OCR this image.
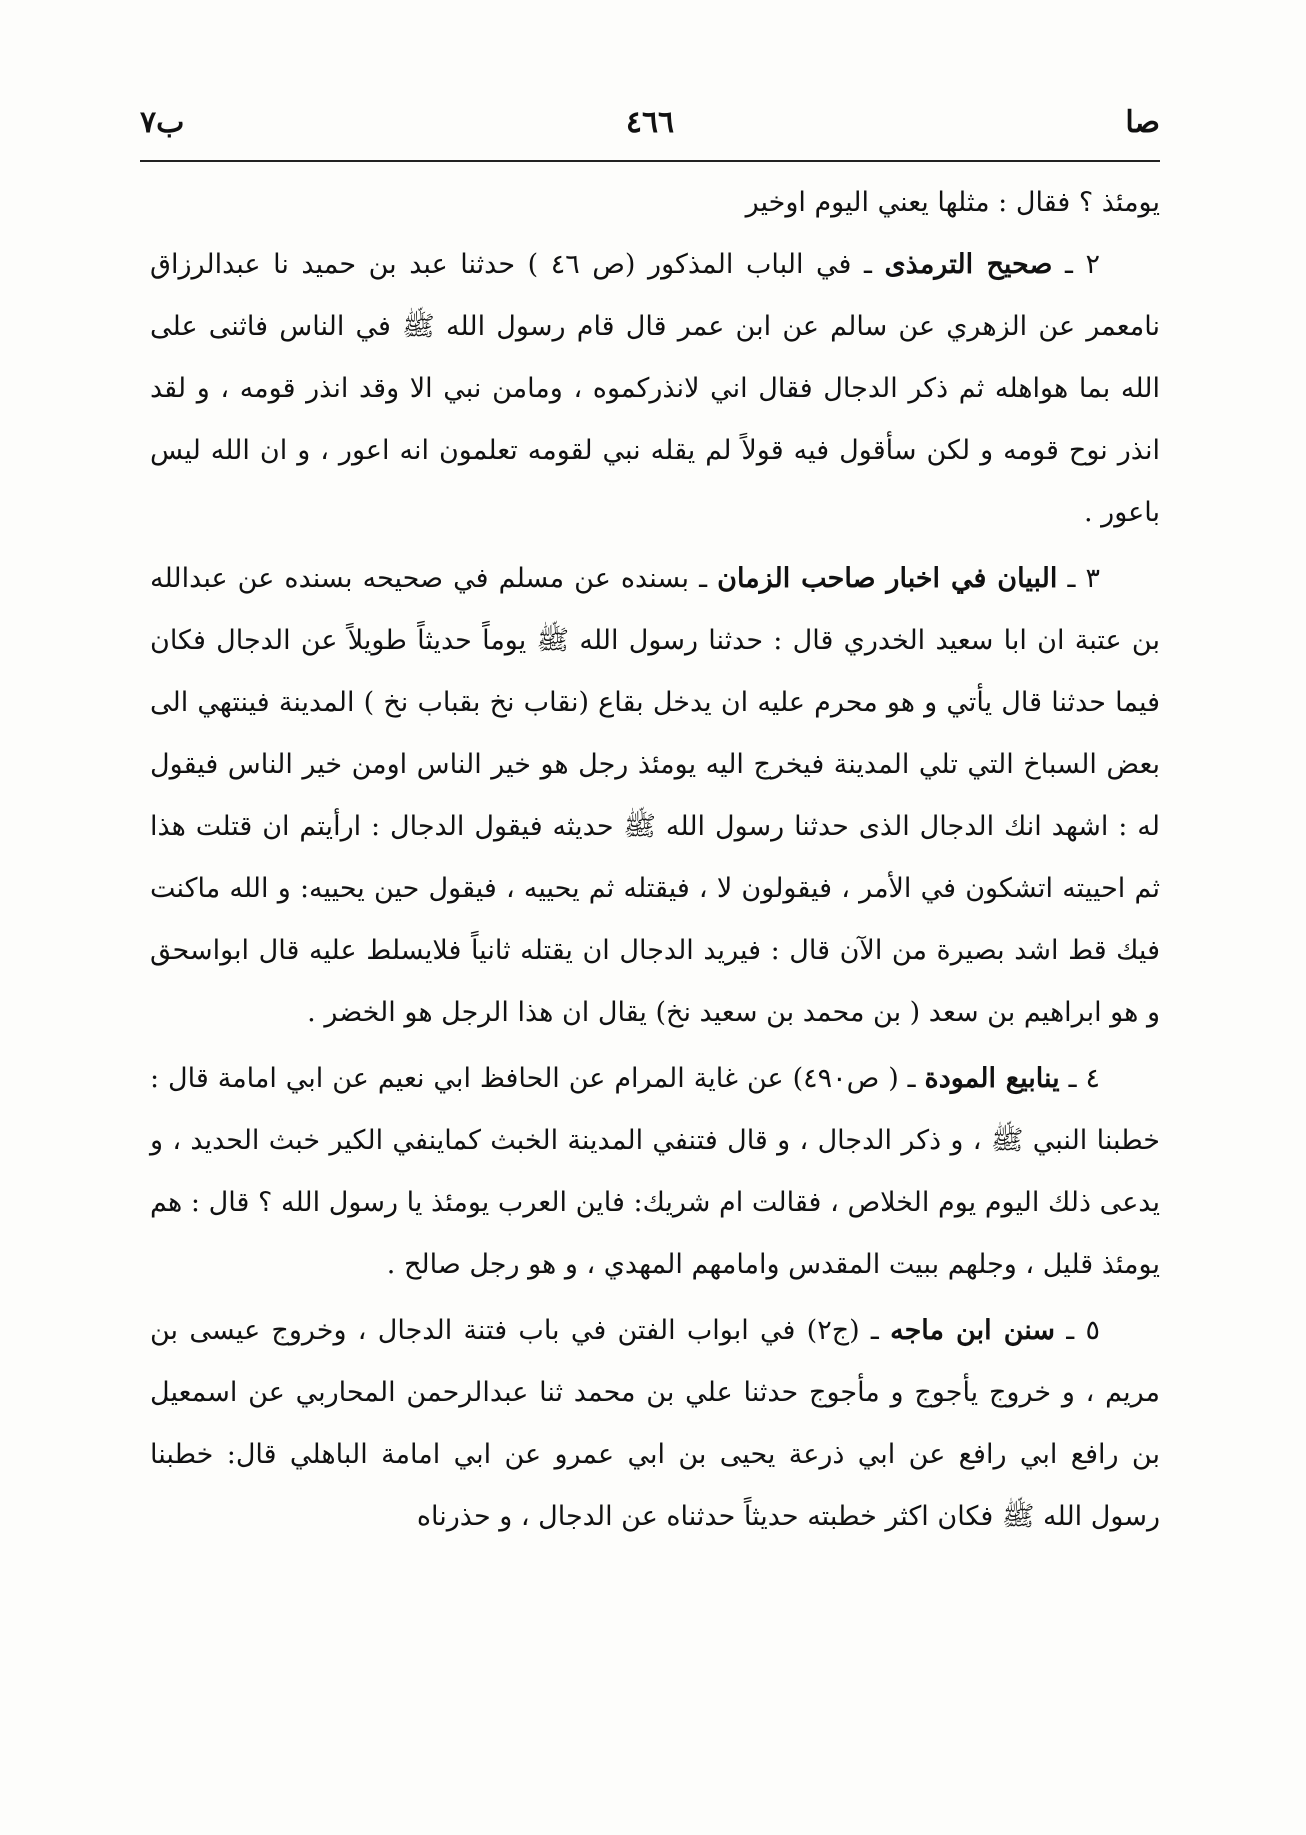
صا
٤٦٦
ب٧

يومئذ ؟ فقال : مثلها يعني اليوم اوخير

٢ ـ صحيح الترمذى ـ في الباب المذكور (ص ٤٦ ) حدثنا عبد بن حميد نا عبدالرزاق نامعمر عن الزهري عن سالم عن ابن عمر قال قام رسول الله ﷺ في الناس فاثنى على الله بما هواهله ثم ذكر الدجال فقال اني لانذركموه ، ومامن نبي الا وقد انذر قومه ، و لقد انذر نوح قومه و لكن سأقول فيه قولاً لم يقله نبي لقومه تعلمون انه اعور ، و ان الله ليس باعور .

٣ ـ البيان في اخبار صاحب الزمان ـ بسنده عن مسلم في صحيحه بسنده عن عبدالله بن عتبة ان ابا سعيد الخدري قال : حدثنا رسول الله ﷺ يوماً حديثاً طويلاً عن الدجال فكان فيما حدثنا قال يأتي و هو محرم عليه ان يدخل بقاع (نقاب نخ بقباب نخ ) المدينة فينتهي الى بعض السباخ التي تلي المدينة فيخرج اليه يومئذ رجل هو خير الناس اومن خير الناس فيقول له : اشهد انك الدجال الذى حدثنا رسول الله ﷺ حديثه فيقول الدجال : ارأيتم ان قتلت هذا ثم احييته اتشكون في الأمر ، فيقولون لا ، فيقتله ثم يحييه ، فيقول حين يحييه: و الله ماكنت فيك قط اشد بصيرة من الآن قال : فيريد الدجال ان يقتله ثانياً فلايسلط عليه قال ابواسحق و هو ابراهيم بن سعد ( بن محمد بن سعيد نخ) يقال ان هذا الرجل هو الخضر .

٤ ـ ينابيع المودة ـ ( ص٤٩٠) عن غاية المرام عن الحافظ ابي نعيم عن ابي امامة قال : خطبنا النبي ﷺ ، و ذكر الدجال ، و قال فتنفي المدينة الخبث كماينفي الكير خبث الحديد ، و يدعى ذلك اليوم يوم الخلاص ، فقالت ام شريك: فاين العرب يومئذ يا رسول الله ؟ قال : هم يومئذ قليل ، وجلهم ببيت المقدس وامامهم المهدي ، و هو رجل صالح .

٥ ـ سنن ابن ماجه ـ (ج٢) في ابواب الفتن في باب فتنة الدجال ، وخروج عيسى بن مريم ، و خروج يأجوج و مأجوج حدثنا علي بن محمد ثنا عبدالرحمن المحاربي عن اسمعيل بن رافع ابي رافع عن ابي ذرعة يحيى بن ابي عمرو عن ابي امامة الباهلي قال: خطبنا رسول الله ﷺ فكان اكثر خطبته حديثاً حدثناه عن الدجال ، و حذرناه
